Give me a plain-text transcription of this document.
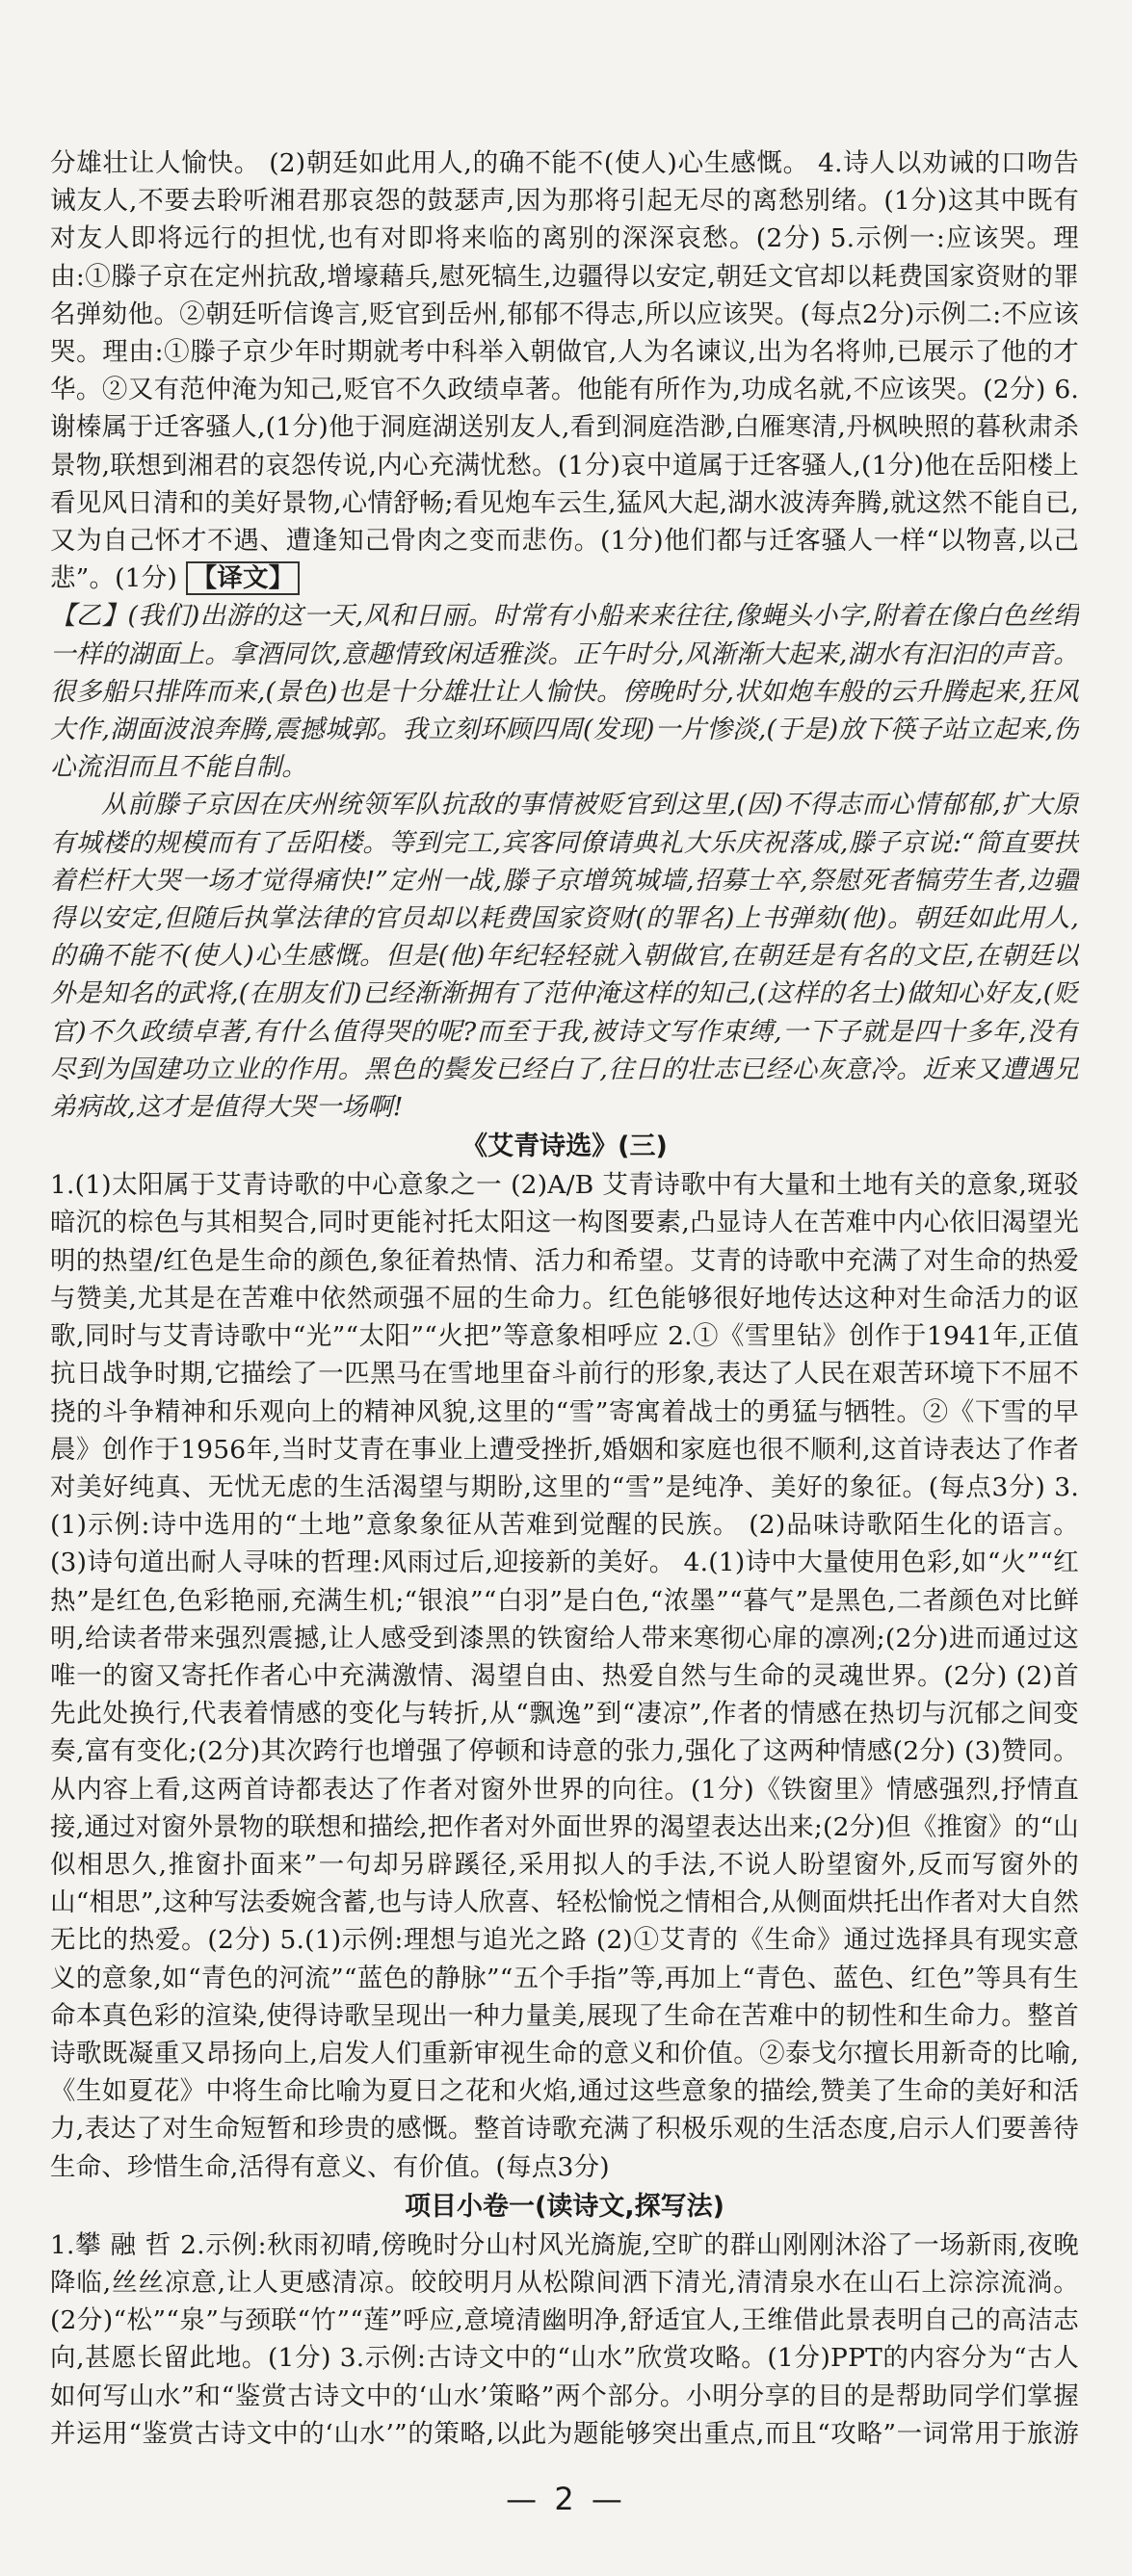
分雄壮让人愉快。 (2)朝廷如此用人,的确不能不(使人)心生感慨。 4.诗人以劝诫的口吻告诫友人,不要去聆听湘君那哀怨的鼓瑟声,因为那将引起无尽的离愁别绪。(1分)这其中既有对友人即将远行的担忧,也有对即将来临的离别的深深哀愁。(2分) 5.示例一:应该哭。理由:①滕子京在定州抗敌,增壕藉兵,慰死犒生,边疆得以安定,朝廷文官却以耗费国家资财的罪名弹劾他。②朝廷听信谗言,贬官到岳州,郁郁不得志,所以应该哭。(每点2分)示例二:不应该哭。理由:①滕子京少年时期就考中科举入朝做官,人为名谏议,出为名将帅,已展示了他的才华。②又有范仲淹为知己,贬官不久政绩卓著。他能有所作为,功成名就,不应该哭。(2分) 6.谢榛属于迁客骚人,(1分)他于洞庭湖送别友人,看到洞庭浩渺,白雁寒清,丹枫映照的暮秋肃杀景物,联想到湘君的哀怨传说,内心充满忧愁。(1分)哀中道属于迁客骚人,(1分)他在岳阳楼上看见风日清和的美好景物,心情舒畅;看见炮车云生,猛风大起,湖水波涛奔腾,就这然不能自已,又为自己怀才不遇、遭逢知己骨肉之变而悲伤。(1分)他们都与迁客骚人一样“以物喜,以己悲”。(1分) 【译文】

【乙】(我们)出游的这一天,风和日丽。时常有小船来来往往,像蝇头小字,附着在像白色丝绢一样的湖面上。拿酒同饮,意趣情致闲适雅淡。正午时分,风渐渐大起来,湖水有汩汩的声音。很多船只排阵而来,(景色)也是十分雄壮让人愉快。傍晚时分,状如炮车般的云升腾起来,狂风大作,湖面波浪奔腾,震撼城郭。我立刻环顾四周(发现)一片惨淡,(于是)放下筷子站立起来,伤心流泪而且不能自制。

从前滕子京因在庆州统领军队抗敌的事情被贬官到这里,(因)不得志而心情郁郁,扩大原有城楼的规模而有了岳阳楼。等到完工,宾客同僚请典礼大乐庆祝落成,滕子京说:“简直要扶着栏杆大哭一场才觉得痛快!”定州一战,滕子京增筑城墙,招募士卒,祭慰死者犒劳生者,边疆得以安定,但随后执掌法律的官员却以耗费国家资财(的罪名)上书弹劾(他)。朝廷如此用人,的确不能不(使人)心生感慨。但是(他)年纪轻轻就入朝做官,在朝廷是有名的文臣,在朝廷以外是知名的武将,(在朋友们)已经渐渐拥有了范仲淹这样的知己,(这样的名士)做知心好友,(贬官)不久政绩卓著,有什么值得哭的呢?而至于我,被诗文写作束缚,一下子就是四十多年,没有尽到为国建功立业的作用。黑色的鬓发已经白了,往日的壮志已经心灰意冷。近来又遭遇兄弟病故,这才是值得大哭一场啊!

《艾青诗选》(三)

1.(1)太阳属于艾青诗歌的中心意象之一 (2)A/B 艾青诗歌中有大量和土地有关的意象,斑驳暗沉的棕色与其相契合,同时更能衬托太阳这一构图要素,凸显诗人在苦难中内心依旧渴望光明的热望/红色是生命的颜色,象征着热情、活力和希望。艾青的诗歌中充满了对生命的热爱与赞美,尤其是在苦难中依然顽强不屈的生命力。红色能够很好地传达这种对生命活力的讴歌,同时与艾青诗歌中“光”“太阳”“火把”等意象相呼应 2.①《雪里钻》创作于1941年,正值抗日战争时期,它描绘了一匹黑马在雪地里奋斗前行的形象,表达了人民在艰苦环境下不屈不挠的斗争精神和乐观向上的精神风貌,这里的“雪”寄寓着战士的勇猛与牺牲。②《下雪的早晨》创作于1956年,当时艾青在事业上遭受挫折,婚姻和家庭也很不顺利,这首诗表达了作者对美好纯真、无忧无虑的生活渴望与期盼,这里的“雪”是纯净、美好的象征。(每点3分) 3.(1)示例:诗中选用的“土地”意象象征从苦难到觉醒的民族。 (2)品味诗歌陌生化的语言。 (3)诗句道出耐人寻味的哲理:风雨过后,迎接新的美好。 4.(1)诗中大量使用色彩,如“火”“红热”是红色,色彩艳丽,充满生机;“银浪”“白羽”是白色,“浓墨”“暮气”是黑色,二者颜色对比鲜明,给读者带来强烈震撼,让人感受到漆黑的铁窗给人带来寒彻心扉的凛冽;(2分)进而通过这唯一的窗又寄托作者心中充满激情、渴望自由、热爱自然与生命的灵魂世界。(2分) (2)首先此处换行,代表着情感的变化与转折,从“飘逸”到“凄凉”,作者的情感在热切与沉郁之间变奏,富有变化;(2分)其次跨行也增强了停顿和诗意的张力,强化了这两种情感(2分) (3)赞同。从内容上看,这两首诗都表达了作者对窗外世界的向往。(1分)《铁窗里》情感强烈,抒情直接,通过对窗外景物的联想和描绘,把作者对外面世界的渴望表达出来;(2分)但《推窗》的“山似相思久,推窗扑面来”一句却另辟蹊径,采用拟人的手法,不说人盼望窗外,反而写窗外的山“相思”,这种写法委婉含蓄,也与诗人欣喜、轻松愉悦之情相合,从侧面烘托出作者对大自然无比的热爱。(2分) 5.(1)示例:理想与追光之路 (2)①艾青的《生命》通过选择具有现实意义的意象,如“青色的河流”“蓝色的静脉”“五个手指”等,再加上“青色、蓝色、红色”等具有生命本真色彩的渲染,使得诗歌呈现出一种力量美,展现了生命在苦难中的韧性和生命力。整首诗歌既凝重又昂扬向上,启发人们重新审视生命的意义和价值。②泰戈尔擅长用新奇的比喻,《生如夏花》中将生命比喻为夏日之花和火焰,通过这些意象的描绘,赞美了生命的美好和活力,表达了对生命短暂和珍贵的感慨。整首诗歌充满了积极乐观的生活态度,启示人们要善待生命、珍惜生命,活得有意义、有价值。(每点3分)

项目小卷一(读诗文,探写法)

1.攀 融 哲 2.示例:秋雨初晴,傍晚时分山村风光旖旎,空旷的群山刚刚沐浴了一场新雨,夜晚降临,丝丝凉意,让人更感清凉。皎皎明月从松隙间洒下清光,清清泉水在山石上淙淙流淌。(2分)“松”“泉”与颈联“竹”“莲”呼应,意境清幽明净,舒适宜人,王维借此景表明自己的高洁志向,甚愿长留此地。(1分) 3.示例:古诗文中的“山水”欣赏攻略。(1分)PPT的内容分为“古人如何写山水”和“鉴赏古诗文中的‘山水’策略”两个部分。小明分享的目的是帮助同学们掌握并运用“鉴赏古诗文中的‘山水’”的策略,以此为题能够突出重点,而且“攻略”一词常用于旅游

— 2 —
